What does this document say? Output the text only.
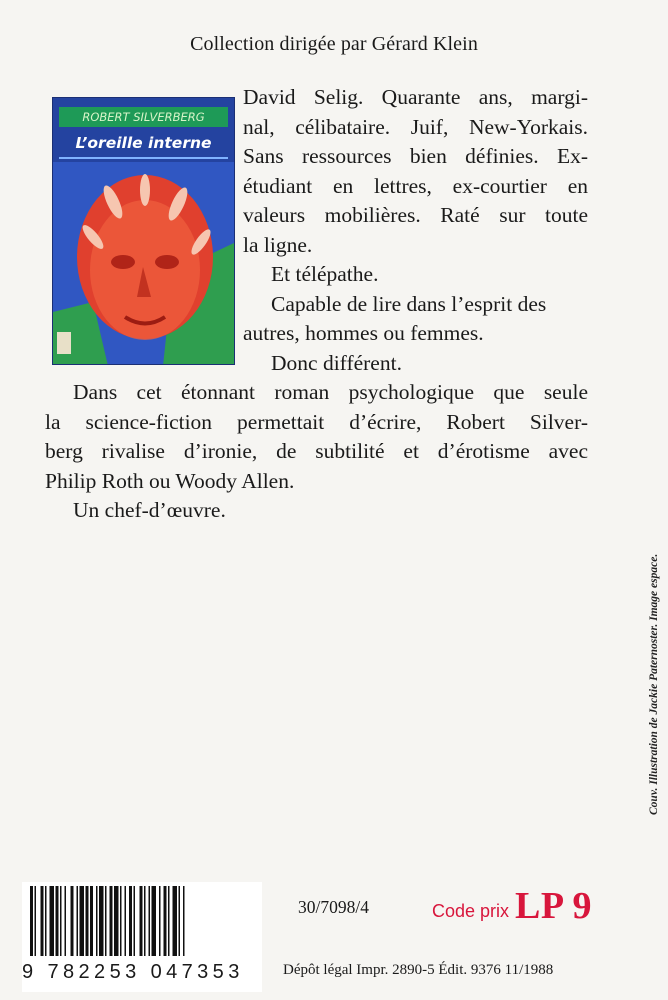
Collection dirigée par Gérard Klein
ROBERT SILVERBERG
L’oreille interne
David Selig. Quarante ans, margi-
nal, célibataire. Juif, New-Yorkais.
Sans ressources bien définies. Ex-
étudiant en lettres, ex-courtier en
valeurs mobilières. Raté sur toute
la ligne.
Et télépathe.
Capable de lire dans l’esprit des
autres, hommes ou femmes.
Donc différent.
Dans cet étonnant roman psychologique que seule
la science-fiction permettait d’écrire, Robert Silver-
berg rivalise d’ironie, de subtilité et d’érotisme avec
Philip Roth ou Woody Allen.
Un chef-d’œuvre.
Couv. Illustration de Jackie Paternoster. Image espace.
9 782253 047353
30/7098/4	Code prix LP 9
Dépôt légal Impr. 2890-5 Édit. 9376 11/1988
